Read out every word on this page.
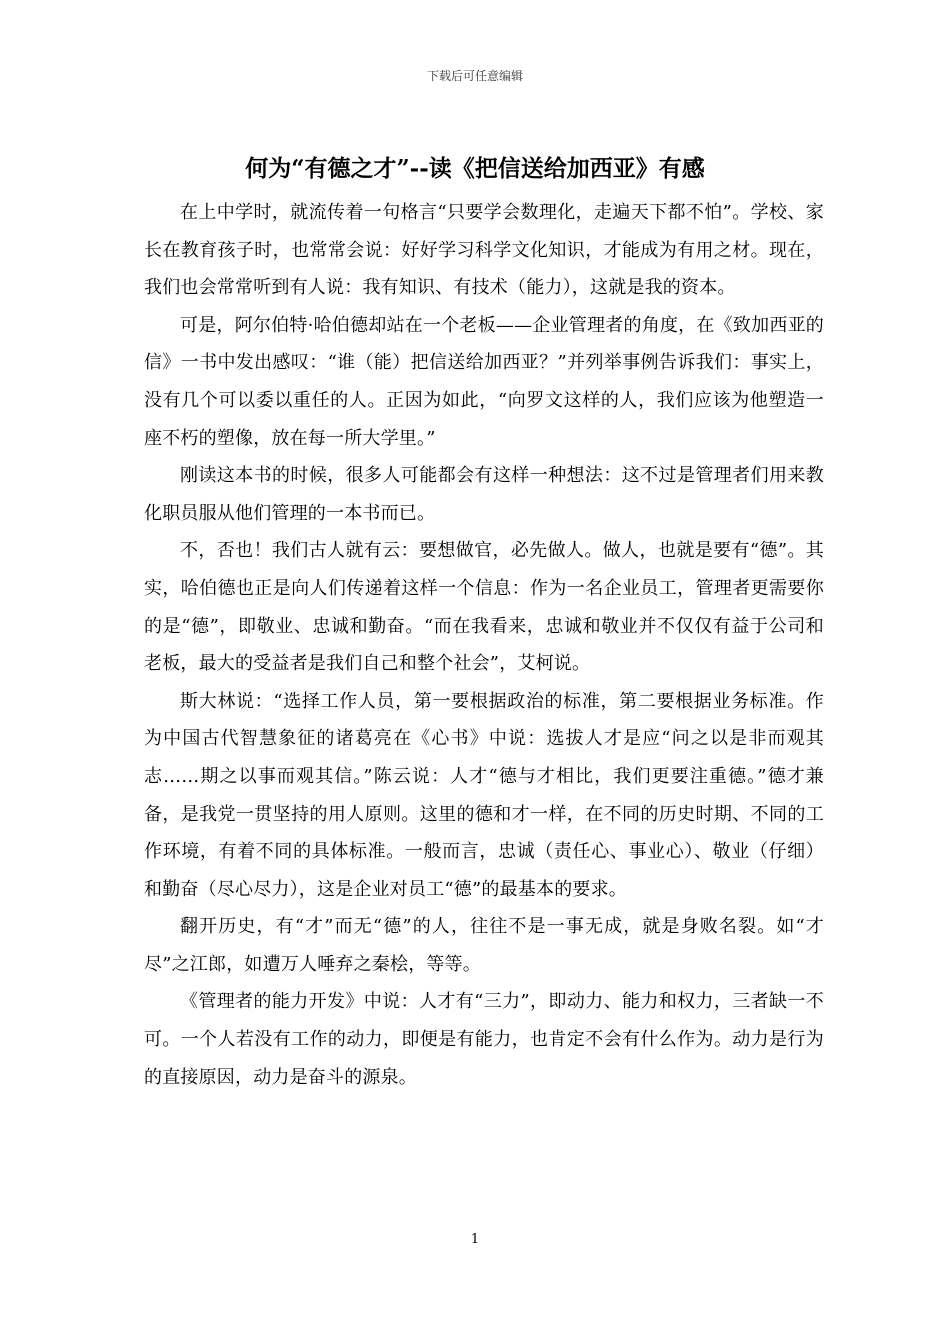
下载后可任意编辑
何为“有德之才”--读《把信送给加西亚》有感

在上中学时，就流传着一句格言“只要学会数理化，走遍天下都不怕”。学校、家长在教育孩子时，也常常会说：好好学习科学文化知识，才能成为有用之材。现在，我们也会常常听到有人说：我有知识、有技术（能力），这就是我的资本。

可是，阿尔伯特·哈伯德却站在一个老板——企业管理者的角度，在《致加西亚的信》一书中发出感叹：“谁（能）把信送给加西亚？”并列举事例告诉我们：事实上，没有几个可以委以重任的人。正因为如此，“向罗文这样的人，我们应该为他塑造一座不朽的塑像，放在每一所大学里。”

刚读这本书的时候，很多人可能都会有这样一种想法：这不过是管理者们用来教化职员服从他们管理的一本书而已。

不，否也！我们古人就有云：要想做官，必先做人。做人，也就是要有“德”。其实，哈伯德也正是向人们传递着这样一个信息：作为一名企业员工，管理者更需要你的是“德”，即敬业、忠诚和勤奋。“而在我看来，忠诚和敬业并不仅仅有益于公司和老板，最大的受益者是我们自己和整个社会”，艾柯说。

斯大林说：“选择工作人员，第一要根据政治的标准，第二要根据业务标准。作为中国古代智慧象征的诸葛亮在《心书》中说：选拔人才是应“问之以是非而观其志……期之以事而观其信。”陈云说：人才“德与才相比，我们更要注重德。”德才兼备，是我党一贯坚持的用人原则。这里的德和才一样，在不同的历史时期、不同的工作环境，有着不同的具体标准。一般而言，忠诚（责任心、事业心）、敬业（仔细）和勤奋（尽心尽力），这是企业对员工“德”的最基本的要求。

翻开历史，有“才”而无“德”的人，往往不是一事无成，就是身败名裂。如“才尽”之江郎，如遭万人唾弃之秦桧，等等。

《管理者的能力开发》中说：人才有“三力”，即动力、能力和权力，三者缺一不可。一个人若没有工作的动力，即便是有能力，也肯定不会有什么作为。动力是行为的直接原因，动力是奋斗的源泉。

1
